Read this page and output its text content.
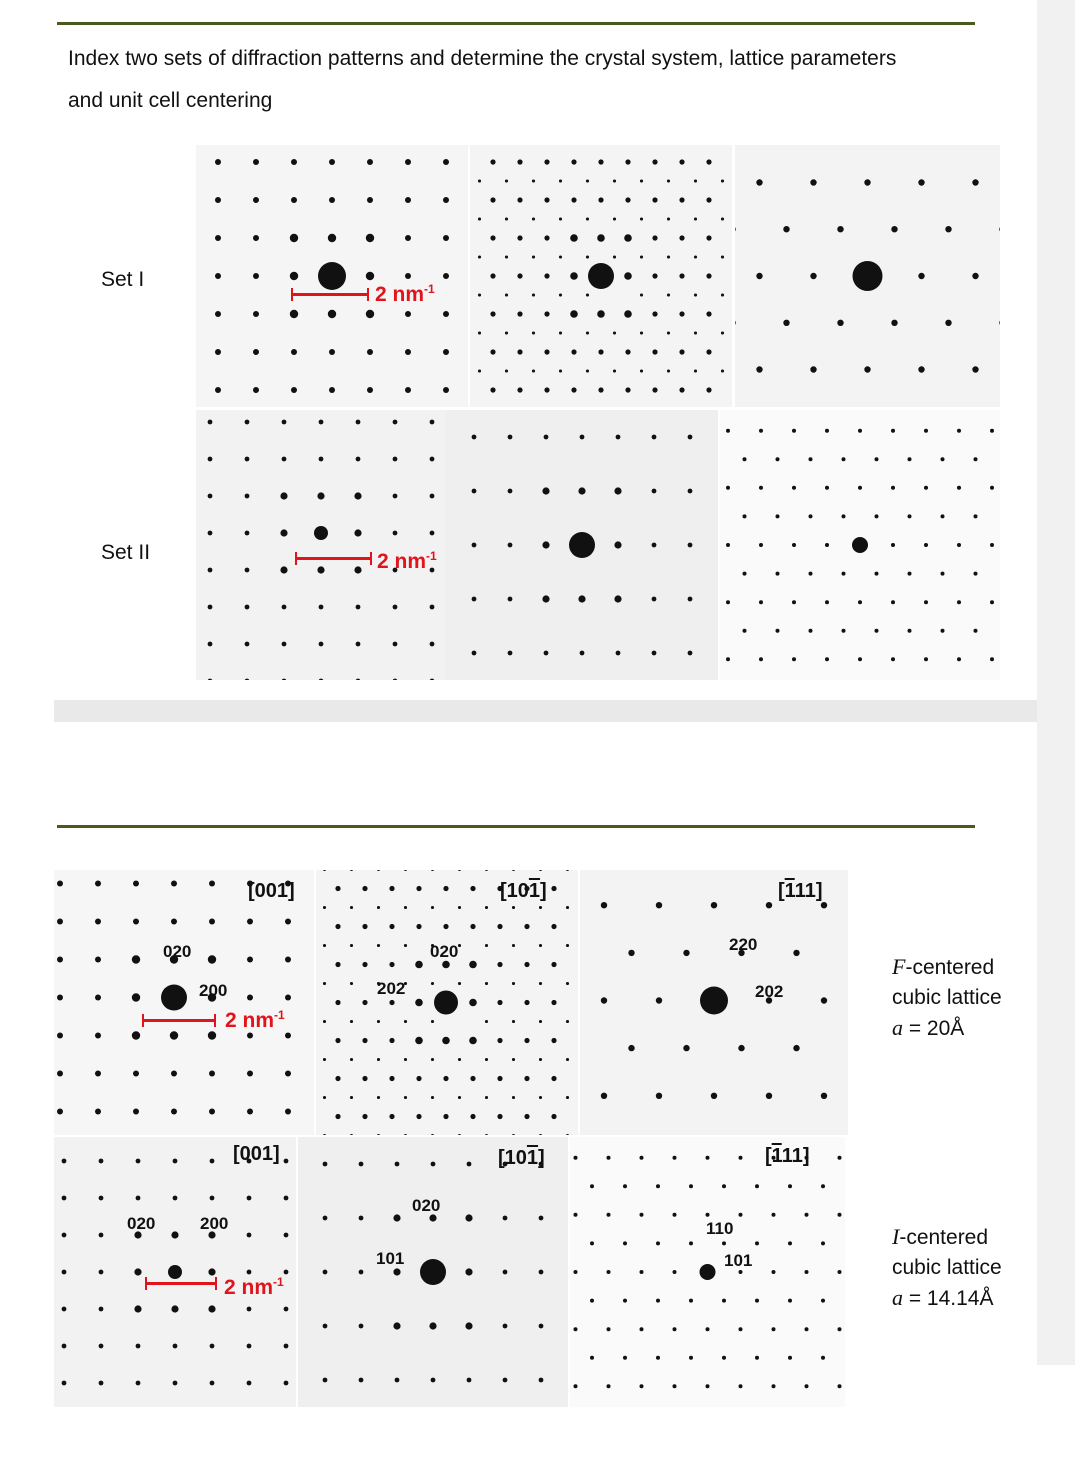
Index two sets of diffraction patterns and determine the crystal system, lattice parameters and unit cell centering
Set I
Set II
2 $nm^{-1}$
2 $nm^{-1}$
[001]	[101]	[111]
[001]	[101]	[111]
020
200
020
202
220
202
020	200
020
101
110
101
2 $nm^{-1}$
2 $nm^{-1}$
F-centered
cubic lattice
a = 20Å
I-centered
cubic lattice
a = 14.14Å
